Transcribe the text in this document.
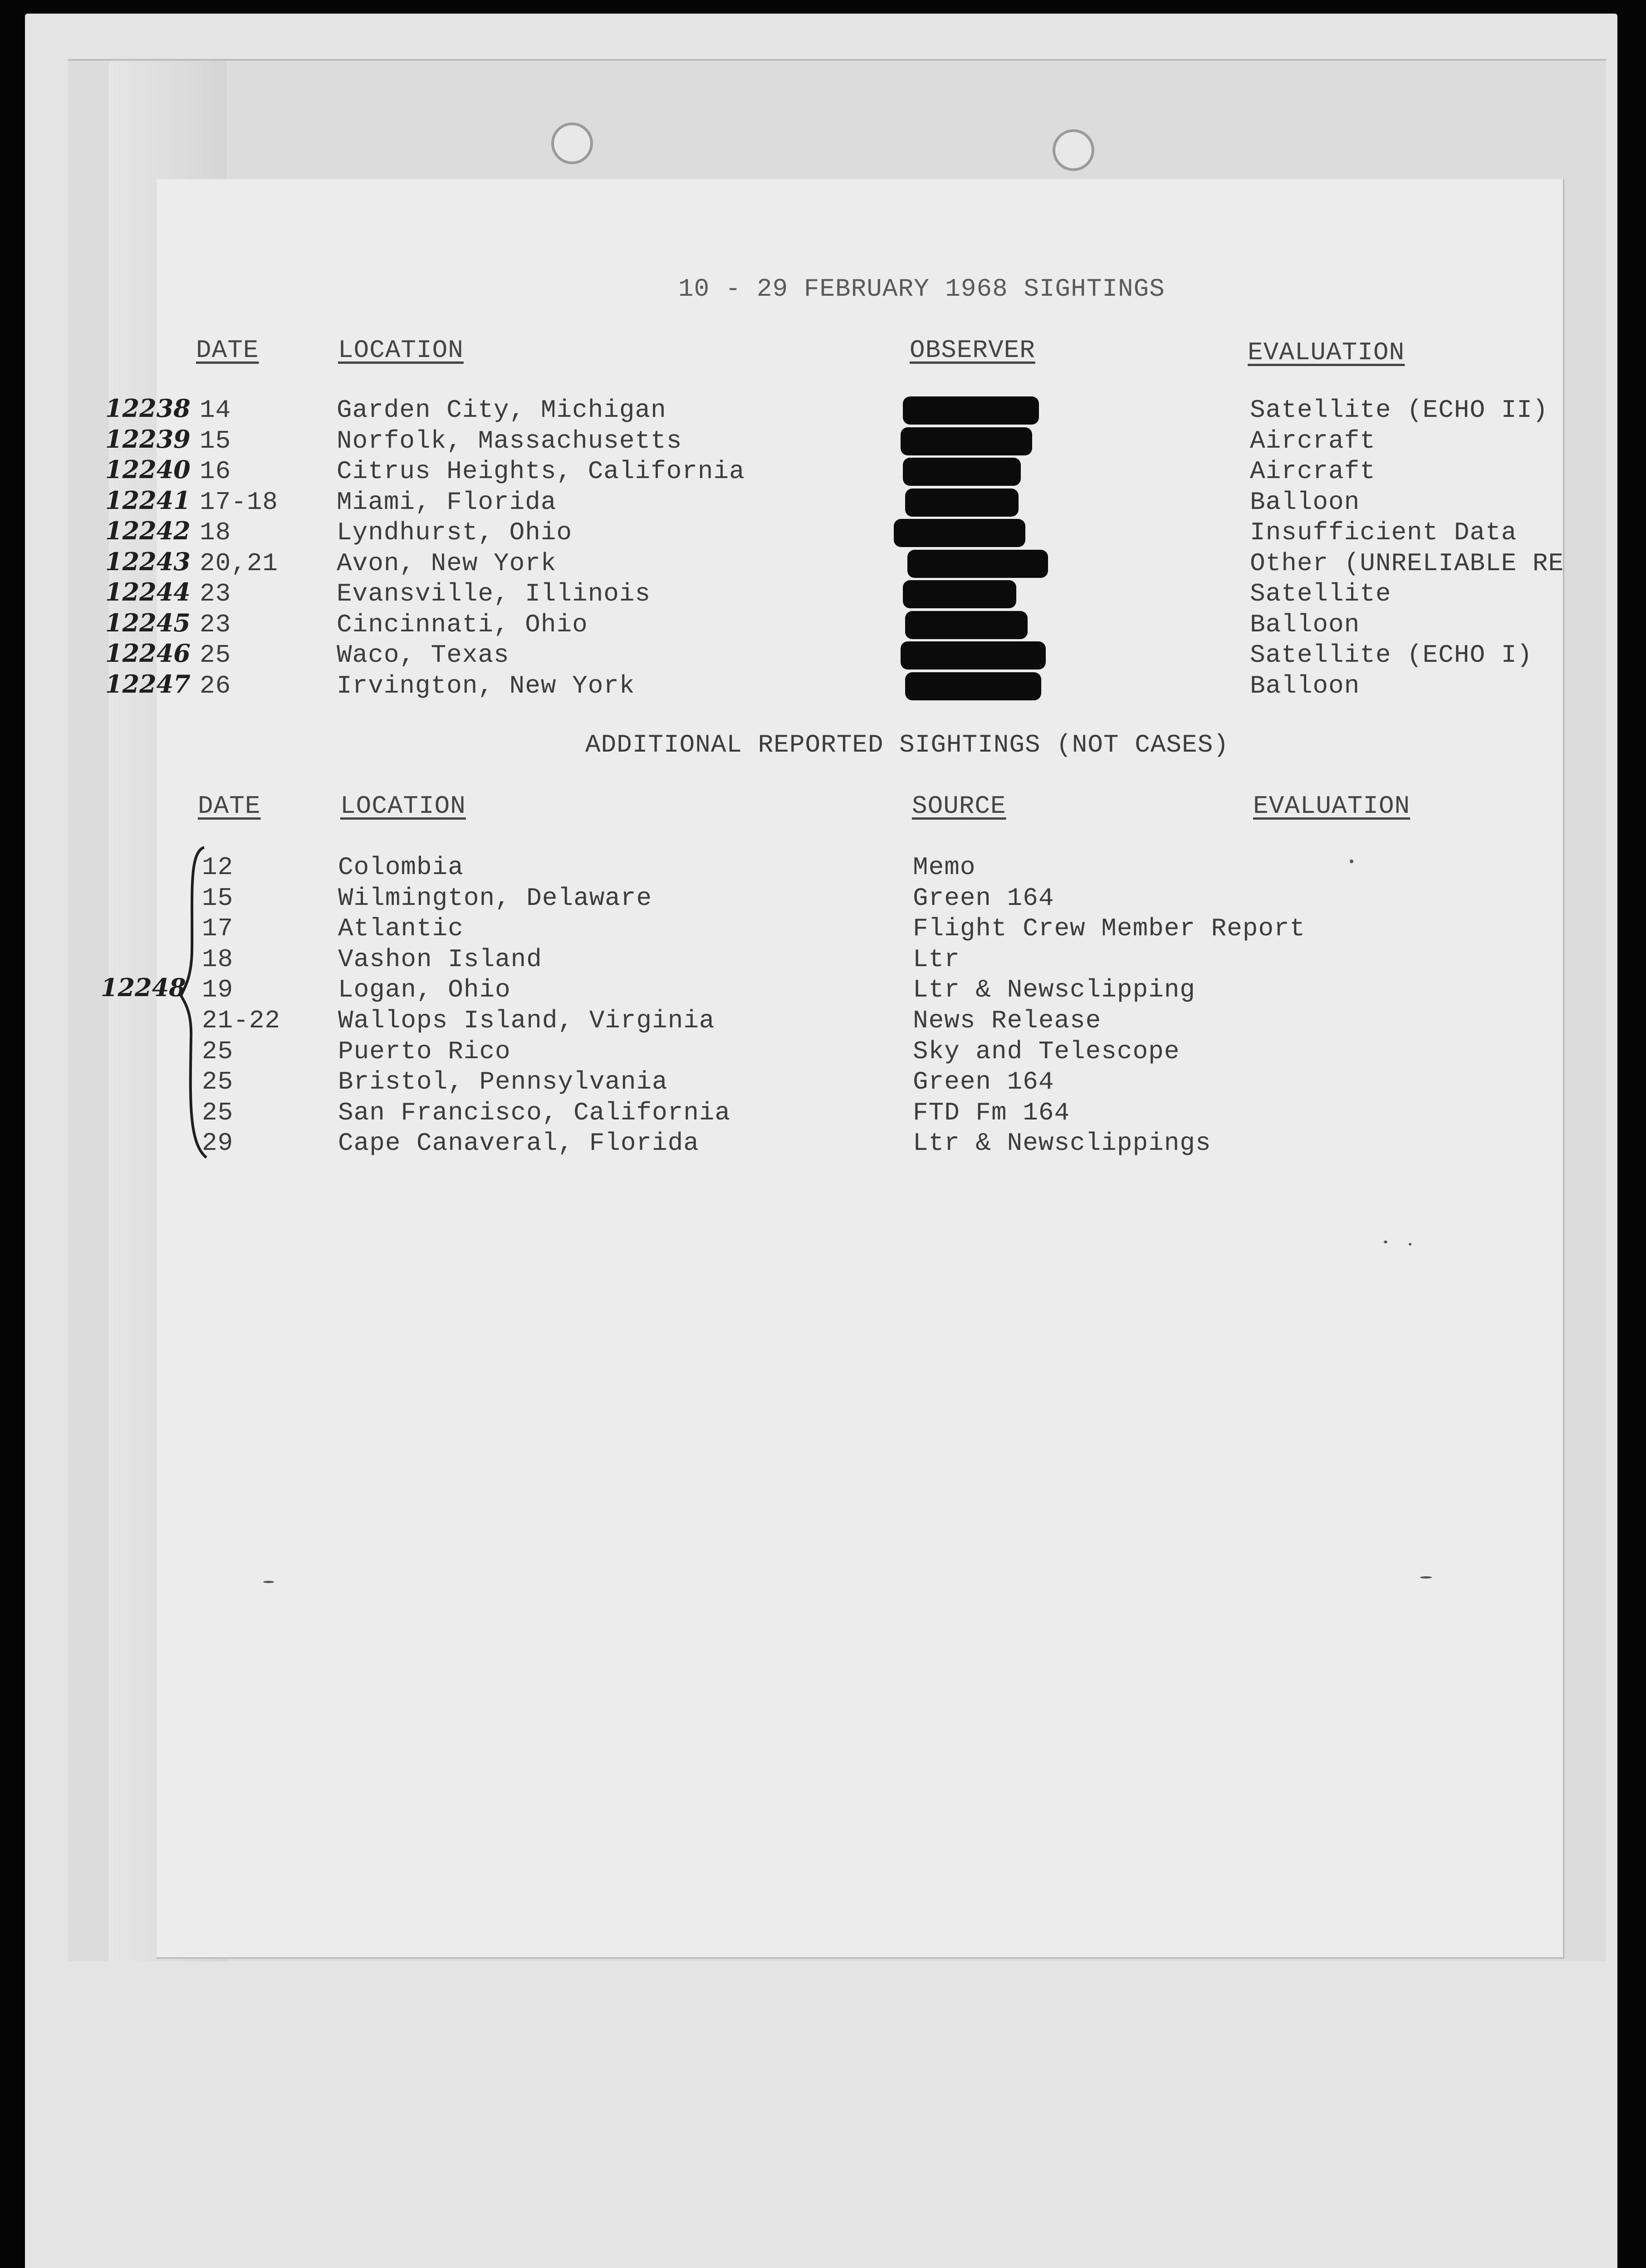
10 - 29 FEBRUARY 1968 SIGHTINGS
DATE	LOCATION	OBSERVER	EVALUATION
12238 14	Garden City, Michigan	Satellite (ECHO II)
12239 15	Norfolk, Massachusetts	Aircraft
12240 16	Citrus Heights, California	Aircraft
12241 17-18 Miami, Florida	Balloon
12242 18	Lyndhurst, Ohio	Insufficient Data
12243 20,21 Avon, New York	Other (UNRELIABLE RE
12244 23	Evansville, Illinois	Satellite
12245 23	Cincinnati, Ohio	Balloon
12246 25	Waco, Texas	Satellite (ECHO I)
12247 26	Irvington, New York	Balloon
ADDITIONAL REPORTED SIGHTINGS (NOT CASES)
DATE	LOCATION	SOURCE	EVALUATION
12248
12	Colombia	Memo
15	Wilmington, Delaware	Green 164
17	Atlantic	Flight Crew Member Report
18	Vashon Island	Ltr
19	Logan, Ohio	Ltr & Newsclipping
21-22 Wallops Island, Virginia	News Release
25	Puerto Rico	Sky and Telescope
25	Bristol, Pennsylvania	Green 164
25	San Francisco, California	FTD Fm 164
29	Cape Canaveral, Florida	Ltr & Newsclippings
